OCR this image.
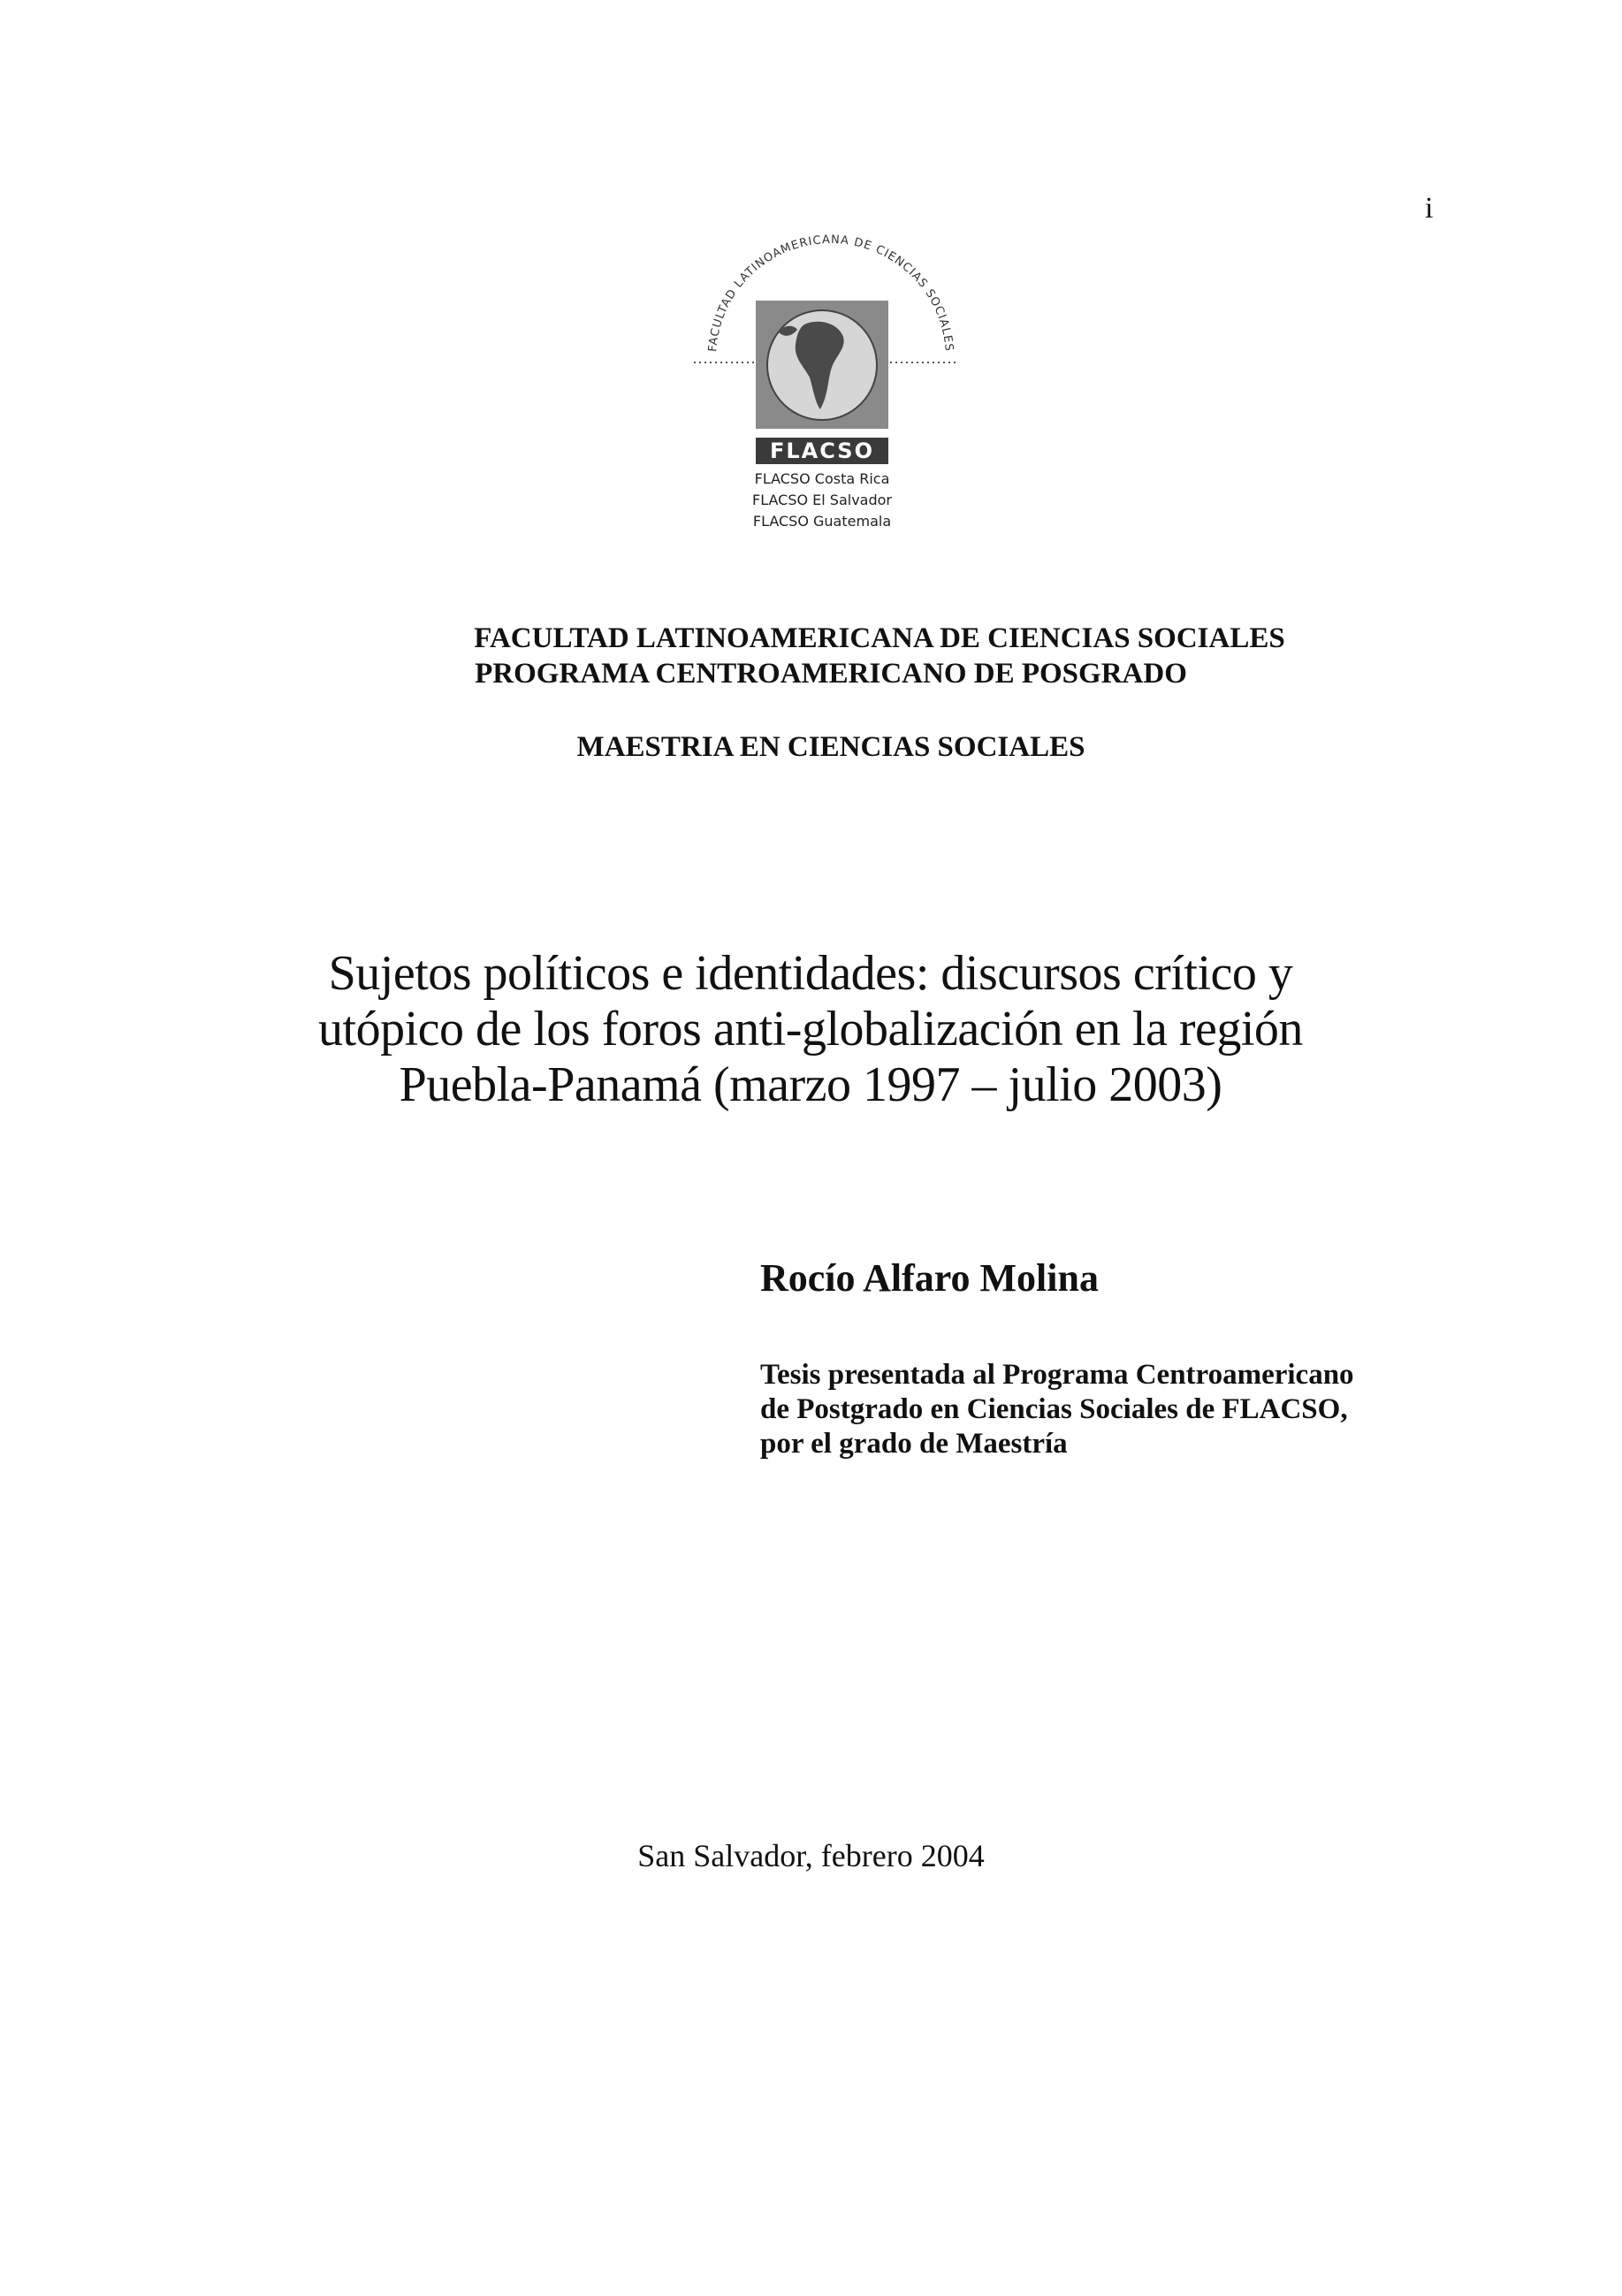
i
FACULTAD LATINOAMERICANA DE CIENCIAS SOCIALES
FLACSO
FLACSO Costa Rica
FLACSO El Salvador
FLACSO Guatemala
FACULTAD LATINOAMERICANA DE CIENCIAS SOCIALES
PROGRAMA CENTROAMERICANO DE POSGRADO
MAESTRIA EN CIENCIAS SOCIALES
Sujetos políticos e identidades: discursos crítico y
utópico de los foros anti-globalización en la región
Puebla-Panamá (marzo 1997 – julio 2003)
Rocío Alfaro Molina
Tesis presentada al Programa Centroamericano
de Postgrado en Ciencias Sociales de FLACSO,
por el grado de Maestría
San Salvador, febrero 2004
